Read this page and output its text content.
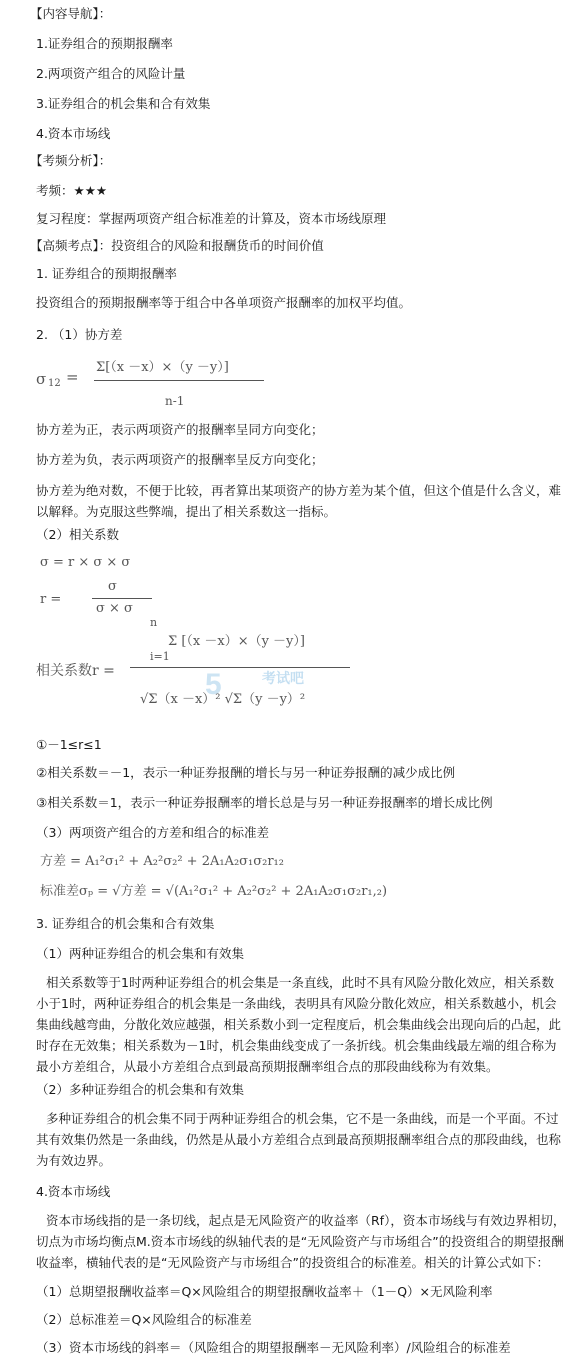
【内容导航】：
1.证券组合的预期报酬率
2.两项资产组合的风险计量
3.证券组合的机会集和合有效集
4.资本市场线
【考频分析】：
考频：★★★
复习程度：掌握两项资产组合标准差的计算及，资本市场线原理
【高频考点】：投资组合的风险和报酬货币的时间价值
1. 证券组合的预期报酬率
投资组合的预期报酬率等于组合中各单项资产报酬率的加权平均值。
2. （1）协方差
σ 12 =
Σ[（x －x）×（y －y）]
n-1
协方差为正，表示两项资产的报酬率呈同方向变化；
协方差为负，表示两项资产的报酬率呈反方向变化；
协方差为绝对数，不便于比较，再者算出某项资产的协方差为某个值，但这个值是什么含义，难以解释。为克服这些弊端，提出了相关系数这一指标。
（2）相关系数
σ = r × σ × σ
r =
σ
σ × σ
相关系数r =
n
i=1
Σ [（x －x）×（y －y）]
√Σ（x －x）² √Σ（y －y）²
5	考试吧
①－1≤r≤1
②相关系数＝－1，表示一种证券报酬的增长与另一种证券报酬的减少成比例
③相关系数＝1，表示一种证券报酬率的增长总是与另一种证券报酬率的增长成比例
（3）两项资产组合的方差和组合的标准差
方差 = A₁²σ₁² + A₂²σ₂² + 2A₁A₂σ₁σ₂r₁₂
标准差σₚ = √方差 = √(A₁²σ₁² + A₂²σ₂² + 2A₁A₂σ₁σ₂r₁,₂)
3. 证券组合的机会集和合有效集
（1）两种证券组合的机会集和有效集
相关系数等于1时两种证券组合的机会集是一条直线，此时不具有风险分散化效应，相关系数小于1时，两种证券组合的机会集是一条曲线，表明具有风险分散化效应，相关系数越小，机会集曲线越弯曲，分散化效应越强，相关系数小到一定程度后，机会集曲线会出现向后的凸起，此时存在无效集；相关系数为－1时，机会集曲线变成了一条折线。机会集曲线最左端的组合称为最小方差组合，从最小方差组合点到最高预期报酬率组合点的那段曲线称为有效集。
（2）多种证券组合的机会集和有效集
多种证券组合的机会集不同于两种证券组合的机会集，它不是一条曲线，而是一个平面。不过其有效集仍然是一条曲线，仍然是从最小方差组合点到最高预期报酬率组合点的那段曲线，也称为有效边界。
4.资本市场线
资本市场线指的是一条切线，起点是无风险资产的收益率（Rf），资本市场线与有效边界相切，切点为市场均衡点M.资本市场线的纵轴代表的是“无风险资产与市场组合”的投资组合的期望报酬收益率，横轴代表的是“无风险资产与市场组合”的投资组合的标准差。相关的计算公式如下：
（1）总期望报酬收益率＝Q×风险组合的期望报酬收益率＋（1－Q）×无风险利率
（2）总标准差＝Q×风险组合的标准差
（3）资本市场线的斜率＝（风险组合的期望报酬率－无风险利率）/风险组合的标准差
